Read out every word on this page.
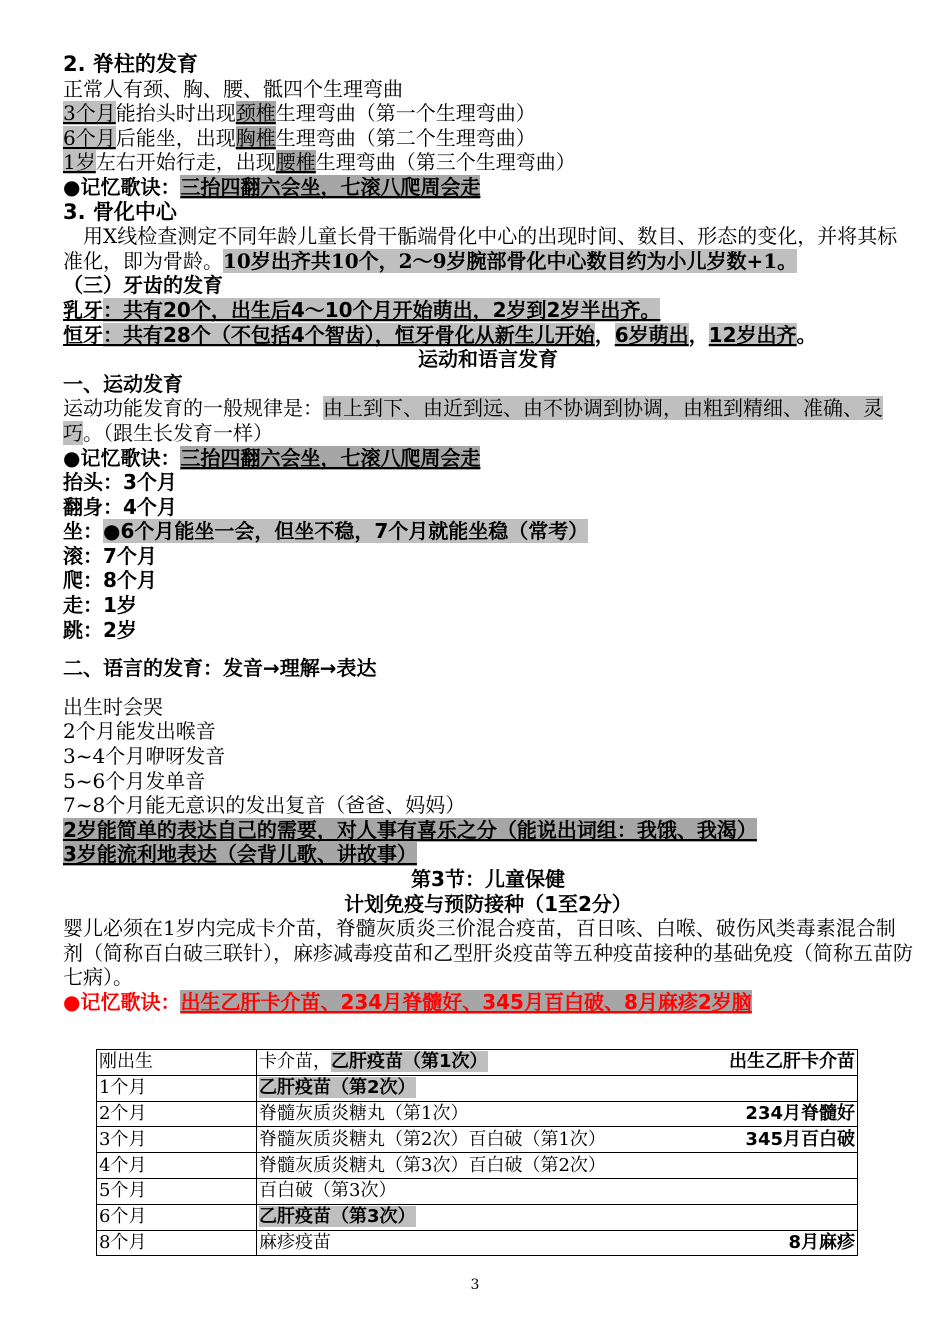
2. 脊柱的发育
正常人有颈、胸、腰、骶四个生理弯曲
3个月能抬头时出现颈椎生理弯曲（第一个生理弯曲）
6个月后能坐，出现胸椎生理弯曲（第二个生理弯曲）
1岁左右开始行走，出现腰椎生理弯曲（第三个生理弯曲）
●记忆歌诀：三抬四翻六会坐，七滚八爬周会走
3. 骨化中心
　用X线检查测定不同年龄儿童长骨干骺端骨化中心的出现时间、数目、形态的变化，并将其标准化，即为骨龄。10岁出齐共10个，2～9岁腕部骨化中心数目约为小儿岁数+1。
（三）牙齿的发育
乳牙：共有20个，出生后4～10个月开始萌出，2岁到2岁半出齐。
恒牙：共有28个（不包括4个智齿），恒牙骨化从新生儿开始，6岁萌出，12岁出齐。
运动和语言发育
一、运动发育
运动功能发育的一般规律是：由上到下、由近到远、由不协调到协调，由粗到精细、准确、灵巧。（跟生长发育一样）
●记忆歌诀：三抬四翻六会坐，七滚八爬周会走
抬头：3个月
翻身：4个月
坐：●6个月能坐一会，但坐不稳，7个月就能坐稳（常考）
滚：7个月
爬：8个月
走：1岁
跳：2岁
二、语言的发育：发音→理解→表达
出生时会哭
2个月能发出喉音
3~4个月咿呀发音
5~6个月发单音
7~8个月能无意识的发出复音（爸爸、妈妈）
2岁能简单的表达自己的需要，对人事有喜乐之分（能说出词组：我饿、我渴）
3岁能流利地表达（会背儿歌、讲故事）
第3节：儿童保健
计划免疫与预防接种（1至2分）
婴儿必须在1岁内完成卡介苗，脊髓灰质炎三价混合疫苗，百日咳、白喉、破伤风类毒素混合制剂（简称百白破三联针），麻疹减毒疫苗和乙型肝炎疫苗等五种疫苗接种的基础免疫（简称五苗防七病）。
●记忆歌诀：出生乙肝卡介苗、234月脊髓好、345月百白破、8月麻疹2岁脑
刚出生	卡介苗，乙肝疫苗（第1次） 出生乙肝卡介苗

1个月	乙肝疫苗（第2次）

2个月	脊髓灰质炎糖丸（第1次） 234月脊髓好

3个月	脊髓灰质炎糖丸（第2次）百白破（第1次） 345月百白破

4个月	脊髓灰质炎糖丸（第3次）百白破（第2次）

5个月	百白破（第3次）

6个月	乙肝疫苗（第3次）

8个月	麻疹疫苗 8月麻疹
3
